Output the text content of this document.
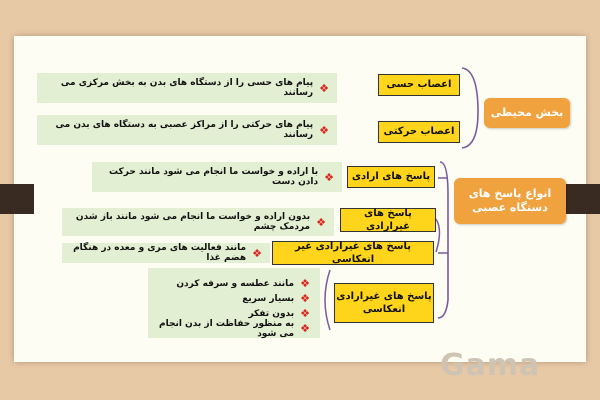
❖
پیام های حسی را از دستگاه های بدن به بخش مرکزی می رسانند
اعصاب حسی
❖
پیام های حرکتی را از مراکز عصبی به دستگاه های بدن می رسانند	اعصاب حرکتی
بخش محیطی
❖
با اراده و خواست ما انجام می شود مانند حرکت دادن دست	پاسخ های ارادی
❖
بدون اراده و خواست ما انجام می شود مانند باز شدن مردمک چشم
پاسخ های غیرارادی
❖
مانند فعالیت های مری و معده در هنگام هضم غذا
پاسخ های غیرارادی غیر انعکاسی
❖
مانند عطسه و سرفه کردن
❖
بسیار سریع
❖
بدون تفکر
❖
به منظور حفاظت از بدن انجام می شود
پاسخ های غیرارادی انعکاسی
انواع پاسخ های دستگاه عصبی
Gama
